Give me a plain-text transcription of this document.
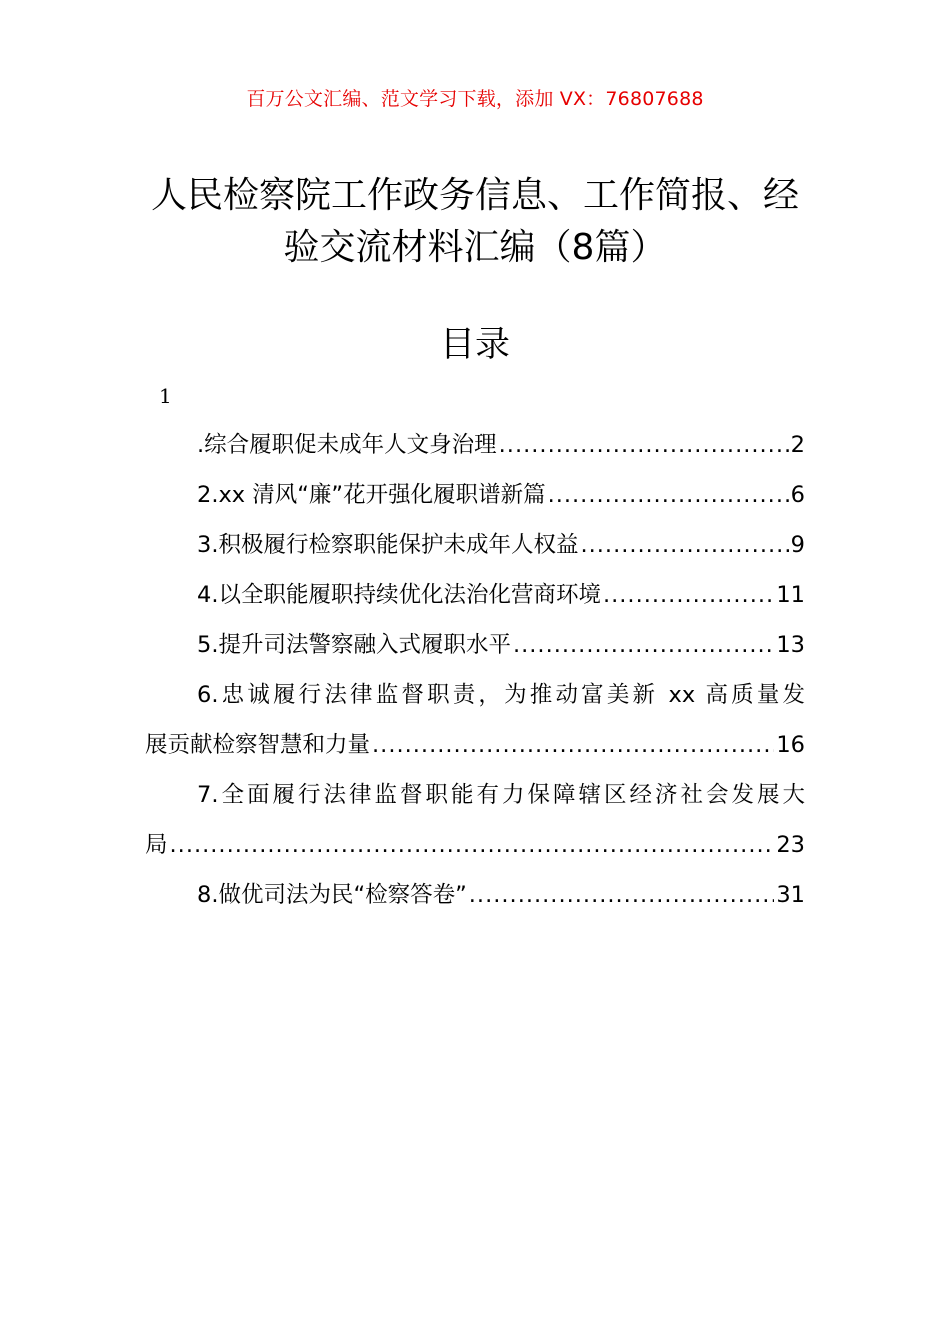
百万公文汇编、范文学习下载，添加 VX：76807688
人民检察院工作政务信息、工作简报、经
验交流材料汇编（8篇）
目录
1
.综合履职促未成年人文身治理 .....	2
2.xx 清风“廉”花开强化履职谱新篇 .....	6
3.积极履行检察职能保护未成年人权益 .....	9
4.以全职能履职持续优化法治化营商环境 .....	11
5.提升司法警察融入式履职水平 .....	13
6.忠诚履行法律监督职责，为推动富美新 xx 高质量发
展贡献检察智慧和力量 .....	16
7.全面履行法律监督职能有力保障辖区经济社会发展大
局 .....	23
8.做优司法为民“检察答卷” .....	31
